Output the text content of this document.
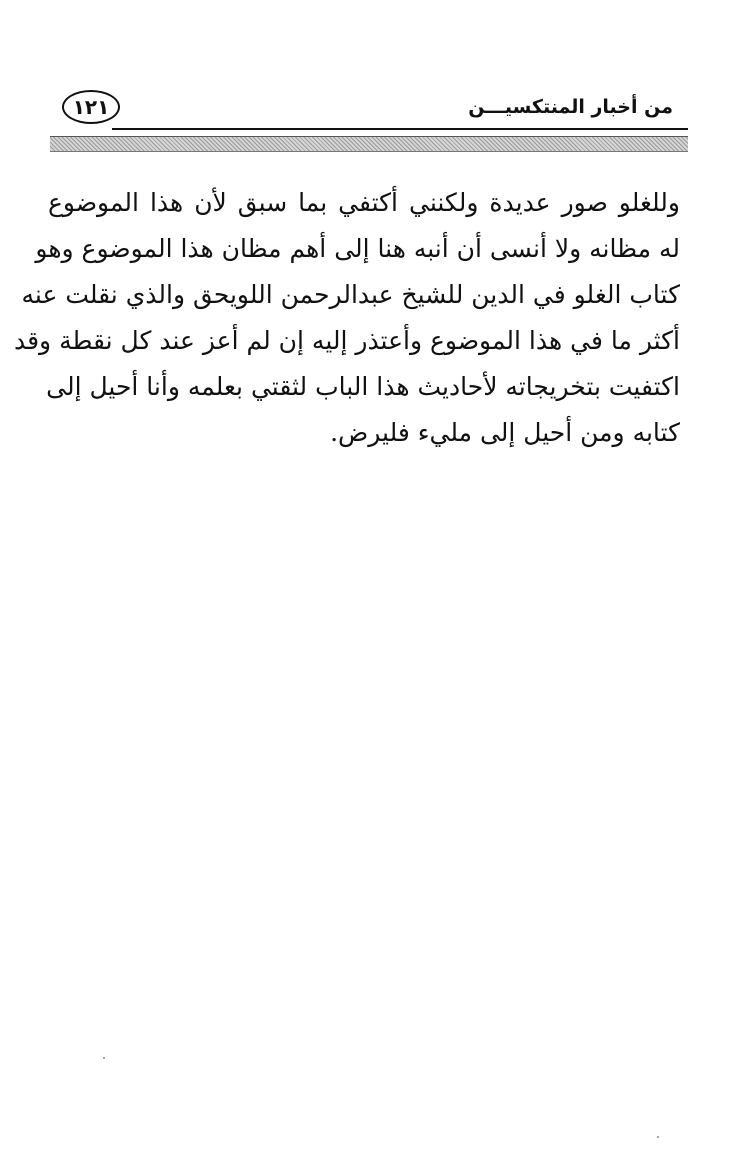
١٢١	من أخبار المنتكسيـــن
وللغلو صور عديدة ولكنني أكتفي بما سبق لأن هذا الموضوع
له مظانه ولا أنسى أن أنبه هنا إلى أهم مظان هذا الموضوع وهو
كتاب الغلو في الدين للشيخ عبدالرحمن اللويحق والذي نقلت عنه
أكثر ما في هذا الموضوع وأعتذر إليه إن لم أعز عند كل نقطة وقد
اكتفيت بتخريجاته لأحاديث هذا الباب لثقتي بعلمه وأنا أحيل إلى
كتابه ومن أحيل إلى مليء فليرض.
